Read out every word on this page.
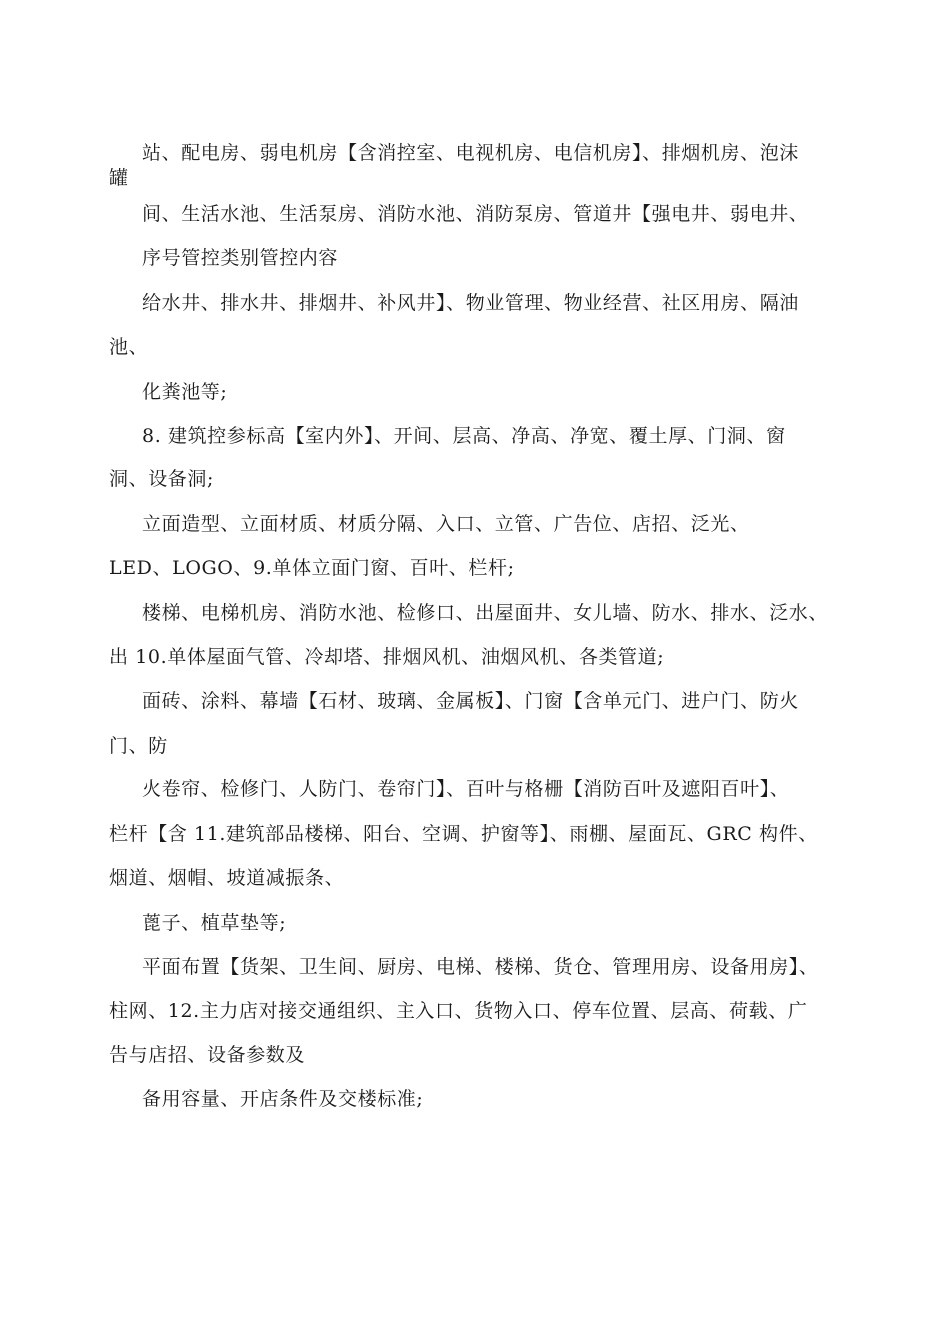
站、配电房、弱电机房【含消控室、电视机房、电信机房】、排烟机房、泡沫
罐
间、生活水池、生活泵房、消防水池、消防泵房、管道井【强电井、弱电井、
序号管控类别管控内容
给水井、排水井、排烟井、补风井】、物业管理、物业经营、社区用房、隔油
池、
化粪池等;
8. 建筑控参标高【室内外】、开间、层高、净高、净宽、覆土厚、门洞、窗
洞、设备洞;
立面造型、立面材质、材质分隔、入口、立管、广告位、店招、泛光、
LED、LOGO、9.单体立面门窗、百叶、栏杆;
楼梯、电梯机房、消防水池、检修口、出屋面井、女儿墙、防水、排水、泛水、
出 10.单体屋面气管、冷却塔、排烟风机、油烟风机、各类管道;
面砖、涂料、幕墙【石材、玻璃、金属板】、门窗【含单元门、进户门、防火
门、防
火卷帘、检修门、人防门、卷帘门】、百叶与格栅【消防百叶及遮阳百叶】、
栏杆【含 11.建筑部品楼梯、阳台、空调、护窗等】、雨棚、屋面瓦、GRC 构件、
烟道、烟帽、坡道减振条、
蓖子、植草垫等;
平面布置【货架、卫生间、厨房、电梯、楼梯、货仓、管理用房、设备用房】、
柱网、12.主力店对接交通组织、主入口、货物入口、停车位置、层高、荷载、广
告与店招、设备参数及
备用容量、开店条件及交楼标准;
